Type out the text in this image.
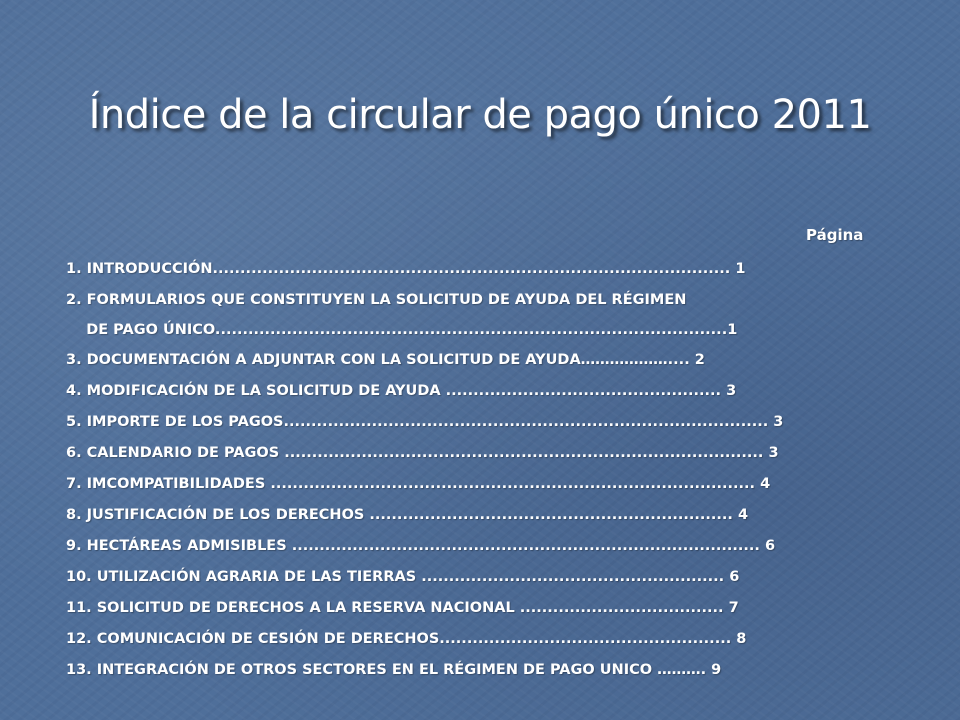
Índice de la circular de pago único 2011
Página
1. INTRODUCCIÓN.............................................................................................. 1
2. FORMULARIOS QUE CONSTITUYEN LA SOLICITUD DE AYUDA DEL RÉGIMEN
DE PAGO ÚNICO.............................................................................................1
3. DOCUMENTACIÓN A ADJUNTAR CON LA SOLICITUD DE AYUDA……………….... 2
4. MODIFICACIÓN DE LA SOLICITUD DE AYUDA .................................................. 3
5. IMPORTE DE LOS PAGOS........................................................................................ 3
6. CALENDARIO DE PAGOS ....................................................................................... 3
7. IMCOMPATIBILIDADES ........................................................................................ 4
8. JUSTIFICACIÓN DE LOS DERECHOS .................................................................. 4
9. HECTÁREAS ADMISIBLES ..................................................................................... 6
10. UTILIZACIÓN AGRARIA DE LAS TIERRAS ....................................................... 6
11. SOLICITUD DE DERECHOS A LA RESERVA NACIONAL ..................................... 7
12. COMUNICACIÓN DE CESIÓN DE DERECHOS..................................................... 8
13. INTEGRACIÓN DE OTROS SECTORES EN EL RÉGIMEN DE PAGO UNICO ………. 9
